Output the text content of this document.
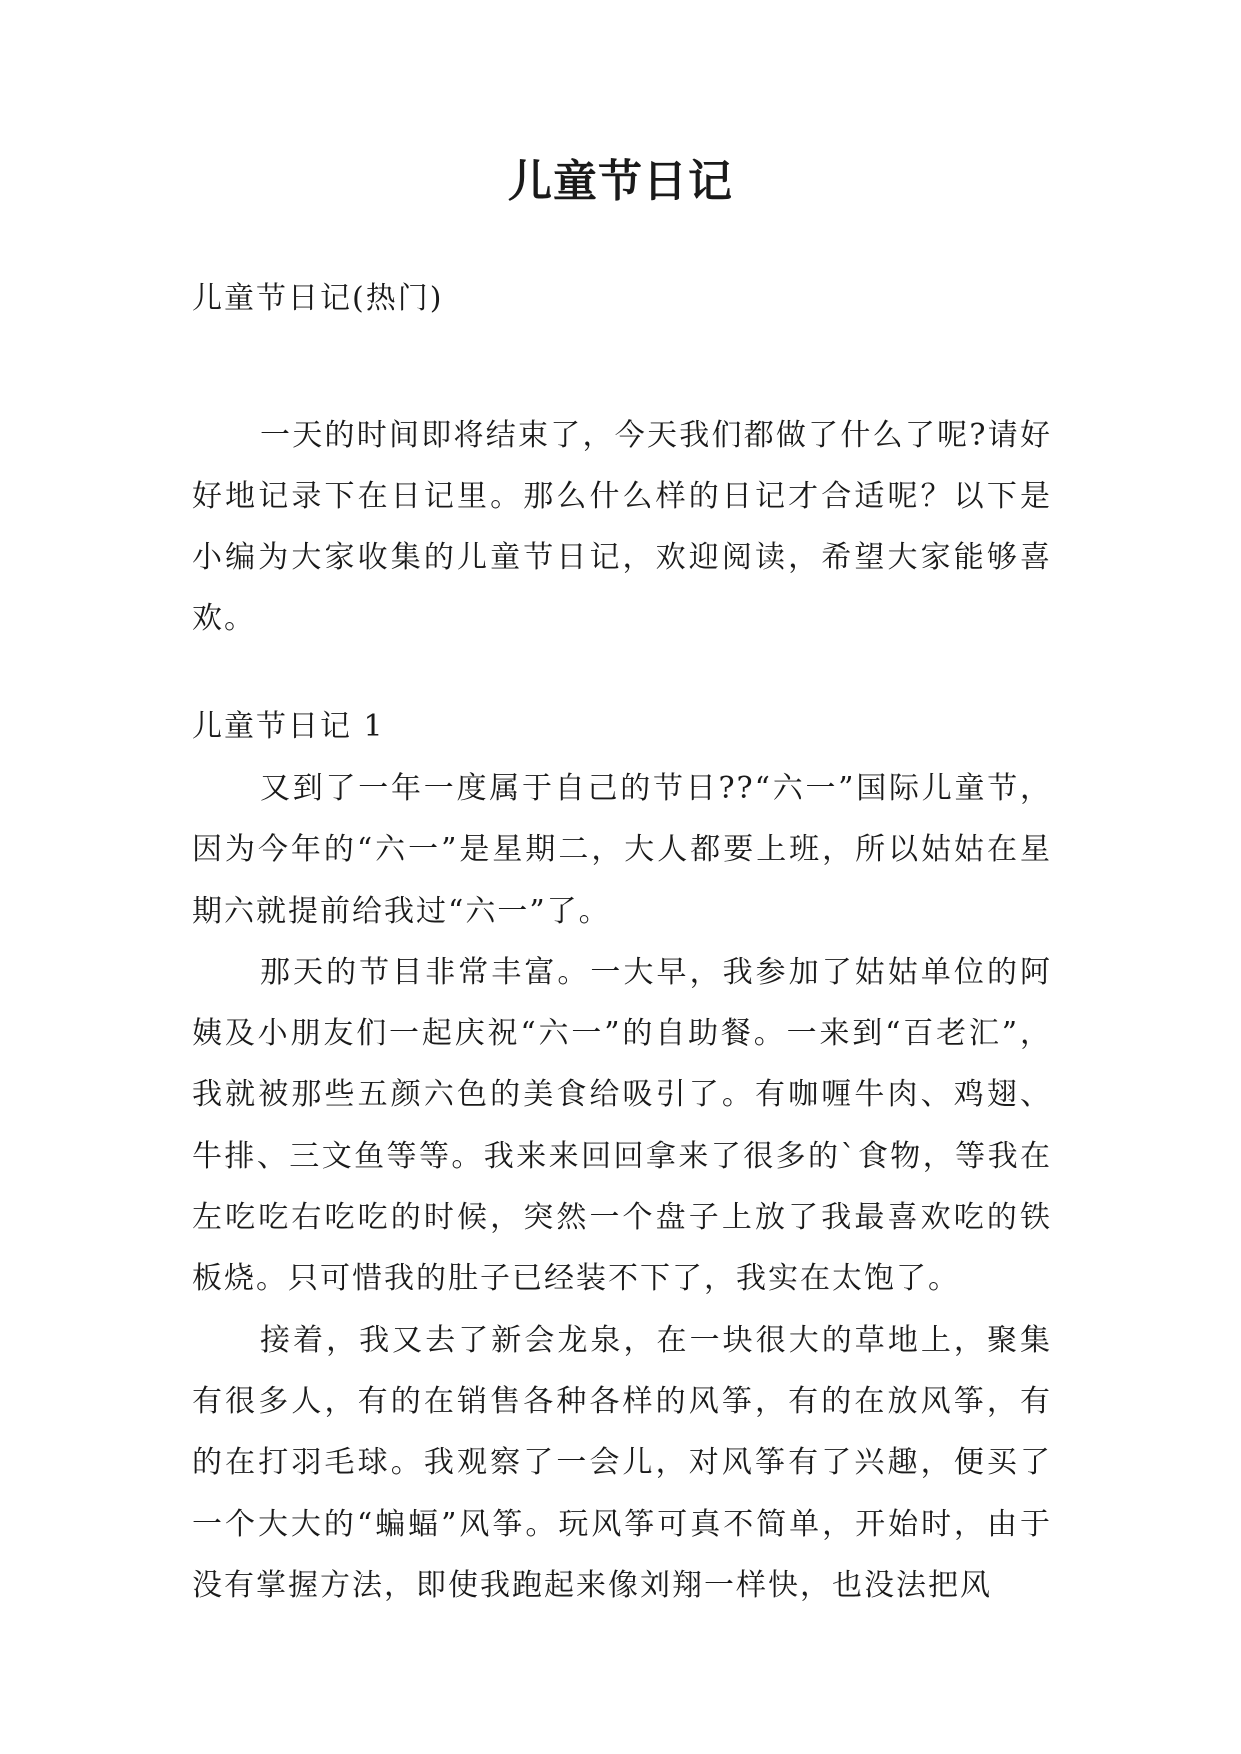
儿童节日记
儿童节日记(热门)

一天的时间即将结束了，今天我们都做了什么了呢?请好好地记录下在日记里。那么什么样的日记才合适呢？以下是小编为大家收集的儿童节日记，欢迎阅读，希望大家能够喜欢。

儿童节日记 1

又到了一年一度属于自己的节日??“六一”国际儿童节，因为今年的“六一”是星期二，大人都要上班，所以姑姑在星期六就提前给我过“六一”了。

那天的节目非常丰富。一大早，我参加了姑姑单位的阿姨及小朋友们一起庆祝“六一”的自助餐。一来到“百老汇”，我就被那些五颜六色的美食给吸引了。有咖喱牛肉、鸡翅、牛排、三文鱼等等。我来来回回拿来了很多的`食物，等我在左吃吃右吃吃的时候，突然一个盘子上放了我最喜欢吃的铁板烧。只可惜我的肚子已经装不下了，我实在太饱了。

接着，我又去了新会龙泉，在一块很大的草地上，聚集有很多人，有的在销售各种各样的风筝，有的在放风筝，有的在打羽毛球。我观察了一会儿，对风筝有了兴趣，便买了一个大大的“蝙蝠”风筝。玩风筝可真不简单，开始时，由于没有掌握方法，即使我跑起来像刘翔一样快，也没法把风
